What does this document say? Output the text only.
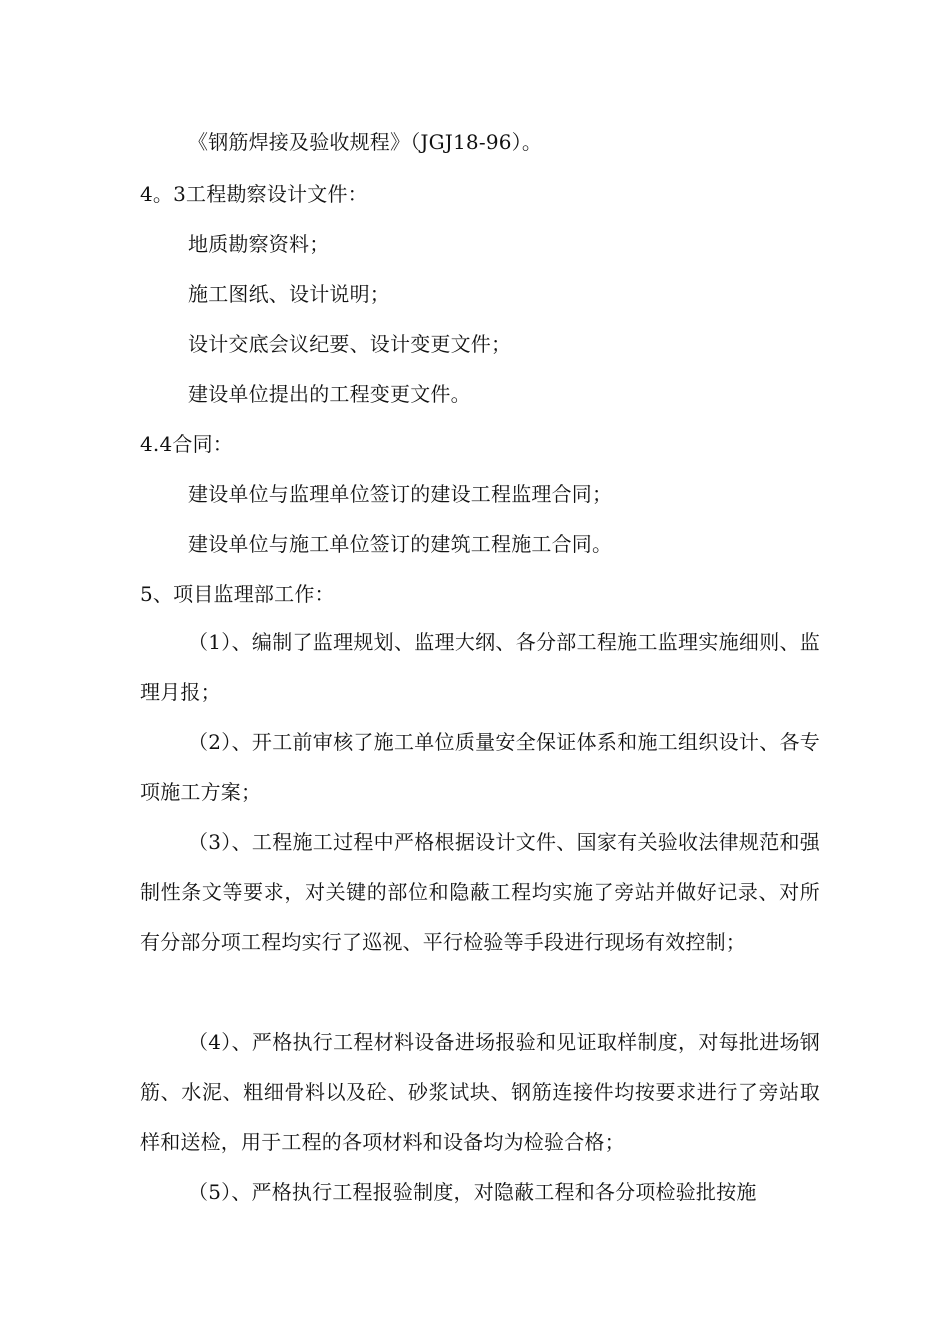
《钢筋焊接及验收规程》（JGJ18-96）。
4。3工程勘察设计文件：
地质勘察资料；
施工图纸、设计说明；
设计交底会议纪要、设计变更文件；
建设单位提出的工程变更文件。
4.4合同：
建设单位与监理单位签订的建设工程监理合同；
建设单位与施工单位签订的建筑工程施工合同。
5、项目监理部工作：
（1）、编制了监理规划、监理大纲、各分部工程施工监理实施细则、监理月报；
（2）、开工前审核了施工单位质量安全保证体系和施工组织设计、各专项施工方案；
（3）、工程施工过程中严格根据设计文件、国家有关验收法律规范和强制性条文等要求，对关键的部位和隐蔽工程均实施了旁站并做好记录、对所有分部分项工程均实行了巡视、平行检验等手段进行现场有效控制；
（4）、严格执行工程材料设备进场报验和见证取样制度，对每批进场钢筋、水泥、粗细骨料以及砼、砂浆试块、钢筋连接件均按要求进行了旁站取样和送检，用于工程的各项材料和设备均为检验合格；
（5）、严格执行工程报验制度，对隐蔽工程和各分项检验批按施
